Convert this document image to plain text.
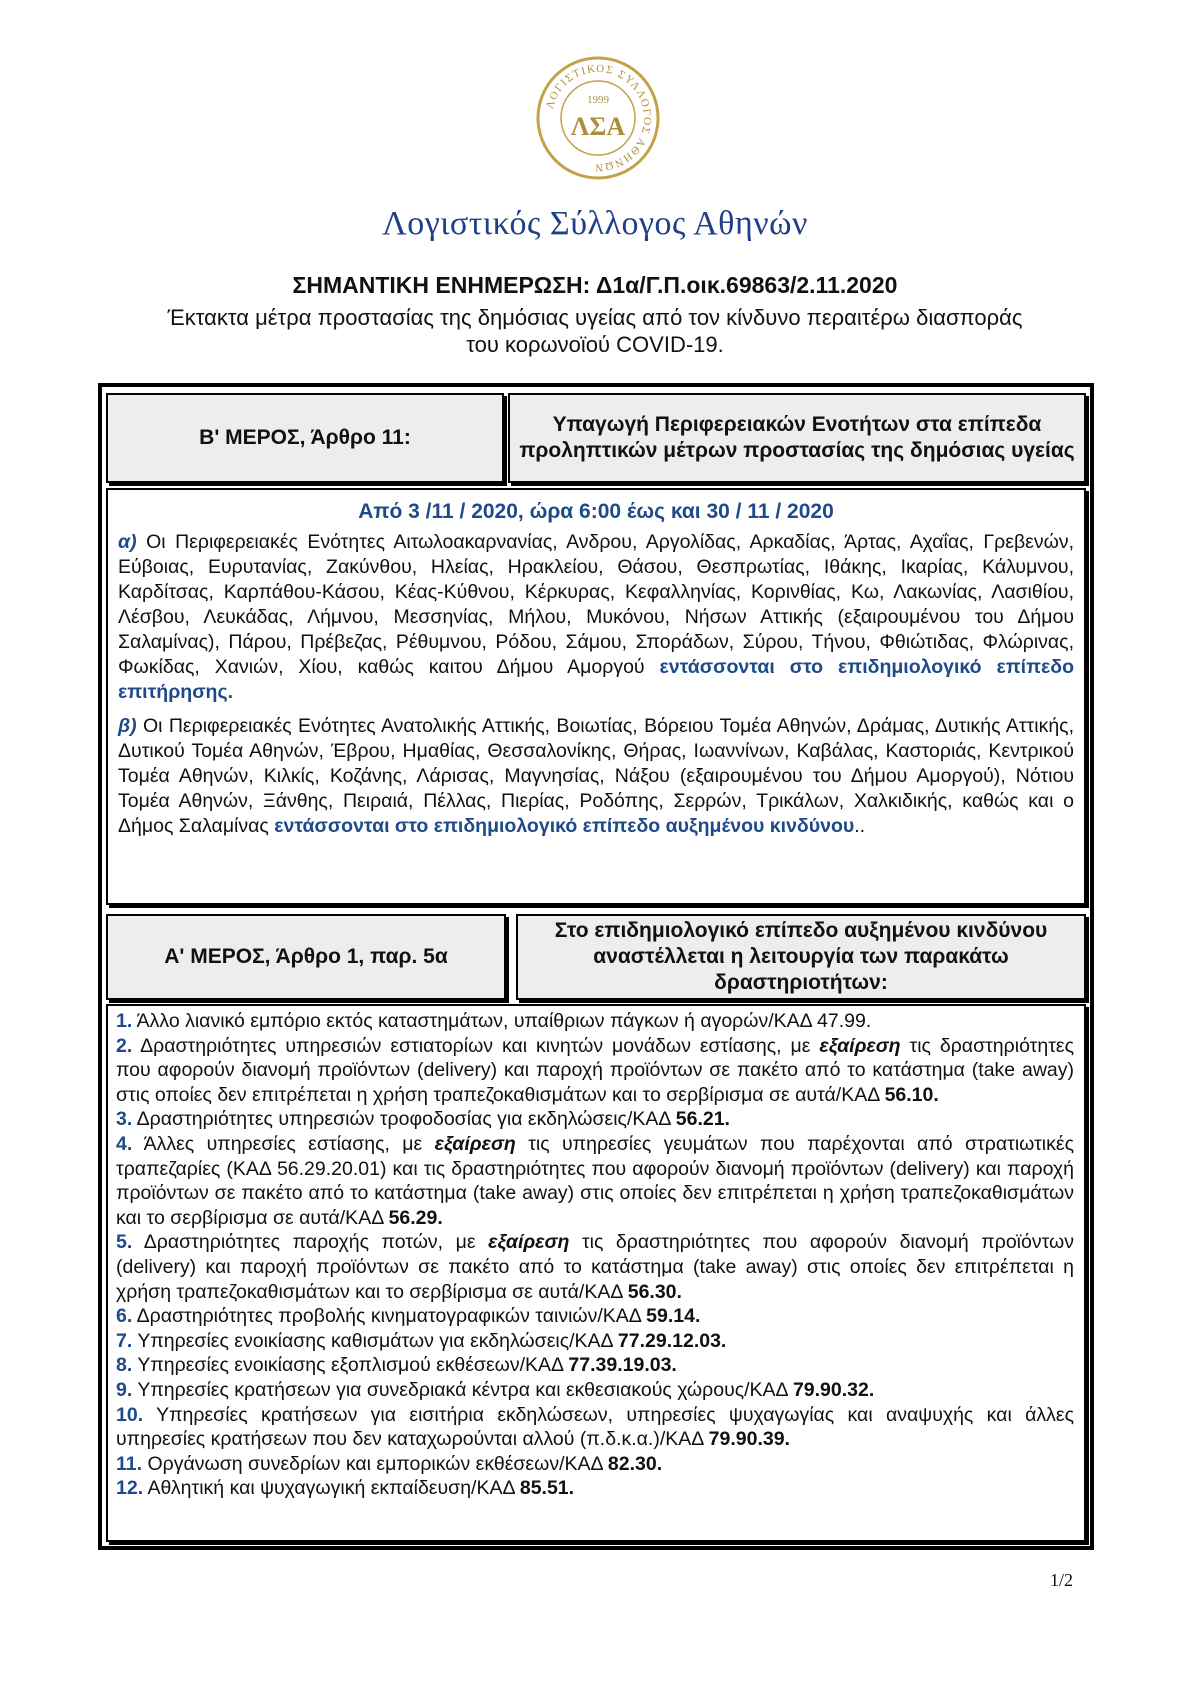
ΛΟΓΙΣΤΙΚΟΣ ΣΥΛΛΟΓΟΣ ΑΘΗΝΩΝ
1999
ΛΣΑ
Λογιστικός Σύλλογος Αθηνών
ΣΗΜΑΝΤΙΚΗ ΕΝΗΜΕΡΩΣΗ: Δ1α/Γ.Π.οικ.69863/2.11.2020
Έκτακτα μέτρα προστασίας της δημόσιας υγείας από τον κίνδυνο περαιτέρω διασποράς
του κορωνοϊού COVID-19.
Β' ΜΕΡΟΣ, Άρθρο 11:
Υπαγωγή Περιφερειακών Ενοτήτων στα επίπεδα προληπτικών μέτρων προστασίας της δημόσιας υγείας
Από 3 /11 / 2020, ώρα 6:00 έως και 30 / 11 / 2020

α) Οι Περιφερειακές Ενότητες Αιτωλοακαρνανίας, Ανδρου, Αργολίδας, Αρκαδίας, Άρτας, Αχαΐας, Γρεβενών, Εύβοιας, Ευρυτανίας, Ζακύνθου, Ηλείας, Ηρακλείου, Θάσου, Θεσπρωτίας, Ιθάκης, Ικαρίας, Κάλυμνου, Καρδίτσας, Καρπάθου-Κάσου, Κέας-Κύθνου, Κέρκυρας, Κεφαλληνίας, Κορινθίας, Κω, Λακωνίας, Λασιθίου, Λέσβου, Λευκάδας, Λήμνου, Μεσσηνίας, Μήλου, Μυκόνου, Νήσων Αττικής (εξαιρουμένου του Δήμου Σαλαμίνας), Πάρου, Πρέβεζας, Ρέθυμνου, Ρόδου, Σάμου, Σποράδων, Σύρου, Τήνου, Φθιώτιδας, Φλώρινας, Φωκίδας, Χανιών, Χίου, καθώς καιτου Δήμου Αμοργού εντάσσονται στο επιδημιολογικό επίπεδο επιτήρησης.

β) Οι Περιφερειακές Ενότητες Ανατολικής Αττικής, Βοιωτίας, Βόρειου Τομέα Αθηνών, Δράμας, Δυτικής Αττικής, Δυτικού Τομέα Αθηνών, Έβρου, Ημαθίας, Θεσσαλονίκης, Θήρας, Ιωαννίνων, Καβάλας, Καστοριάς, Κεντρικού Τομέα Αθηνών, Κιλκίς, Κοζάνης, Λάρισας, Μαγνησίας, Νάξου (εξαιρουμένου του Δήμου Αμοργού), Νότιου Τομέα Αθηνών, Ξάνθης, Πειραιά, Πέλλας, Πιερίας, Ροδόπης, Σερρών, Τρικάλων, Χαλκιδικής, καθώς και ο Δήμος Σαλαμίνας εντάσσονται στο επιδημιολογικό επίπεδο αυξημένου κινδύνου..

Α' ΜΕΡΟΣ, Άρθρο 1, παρ. 5α
Στο επιδημιολογικό επίπεδο αυξημένου κινδύνου αναστέλλεται η λειτουργία των παρακάτω δραστηριοτήτων:
1. Άλλο λιανικό εμπόριο εκτός καταστημάτων, υπαίθριων πάγκων ή αγορών/ΚΑΔ 47.99.
2. Δραστηριότητες υπηρεσιών εστιατορίων και κινητών μονάδων εστίασης, με εξαίρεση τις δραστηριότητες που αφορούν διανομή προϊόντων (delivery) και παροχή προϊόντων σε πακέτο από το κατάστημα (take away) στις οποίες δεν επιτρέπεται η χρήση τραπεζοκαθισμάτων και το σερβίρισμα σε αυτά/ΚΑΔ 56.10.
3. Δραστηριότητες υπηρεσιών τροφοδοσίας για εκδηλώσεις/ΚΑΔ 56.21.
4. Άλλες υπηρεσίες εστίασης, με εξαίρεση τις υπηρεσίες γευμάτων που παρέχονται από στρατιωτικές τραπεζαρίες (ΚΑΔ 56.29.20.01) και τις δραστηριότητες που αφορούν διανομή προϊόντων (delivery) και παροχή προϊόντων σε πακέτο από το κατάστημα (take away) στις οποίες δεν επιτρέπεται η χρήση τραπεζοκαθισμάτων και το σερβίρισμα σε αυτά/ΚΑΔ 56.29.
5. Δραστηριότητες παροχής ποτών, με εξαίρεση τις δραστηριότητες που αφορούν διανομή προϊόντων (delivery) και παροχή προϊόντων σε πακέτο από το κατάστημα (take away) στις οποίες δεν επιτρέπεται η χρήση τραπεζοκαθισμάτων και το σερβίρισμα σε αυτά/ΚΑΔ 56.30.
6. Δραστηριότητες προβολής κινηματογραφικών ταινιών/ΚΑΔ 59.14.
7. Υπηρεσίες ενοικίασης καθισμάτων για εκδηλώσεις/ΚΑΔ 77.29.12.03.
8. Υπηρεσίες ενοικίασης εξοπλισμού εκθέσεων/ΚΑΔ 77.39.19.03.
9. Υπηρεσίες κρατήσεων για συνεδριακά κέντρα και εκθεσιακούς χώρους/ΚΑΔ 79.90.32.
10. Υπηρεσίες κρατήσεων για εισιτήρια εκδηλώσεων, υπηρεσίες ψυχαγωγίας και αναψυχής και άλλες υπηρεσίες κρατήσεων που δεν καταχωρούνται αλλού (π.δ.κ.α.)/ΚΑΔ 79.90.39.
11. Οργάνωση συνεδρίων και εμπορικών εκθέσεων/ΚΑΔ 82.30.
12. Αθλητική και ψυχαγωγική εκπαίδευση/ΚΑΔ 85.51.
1/2
